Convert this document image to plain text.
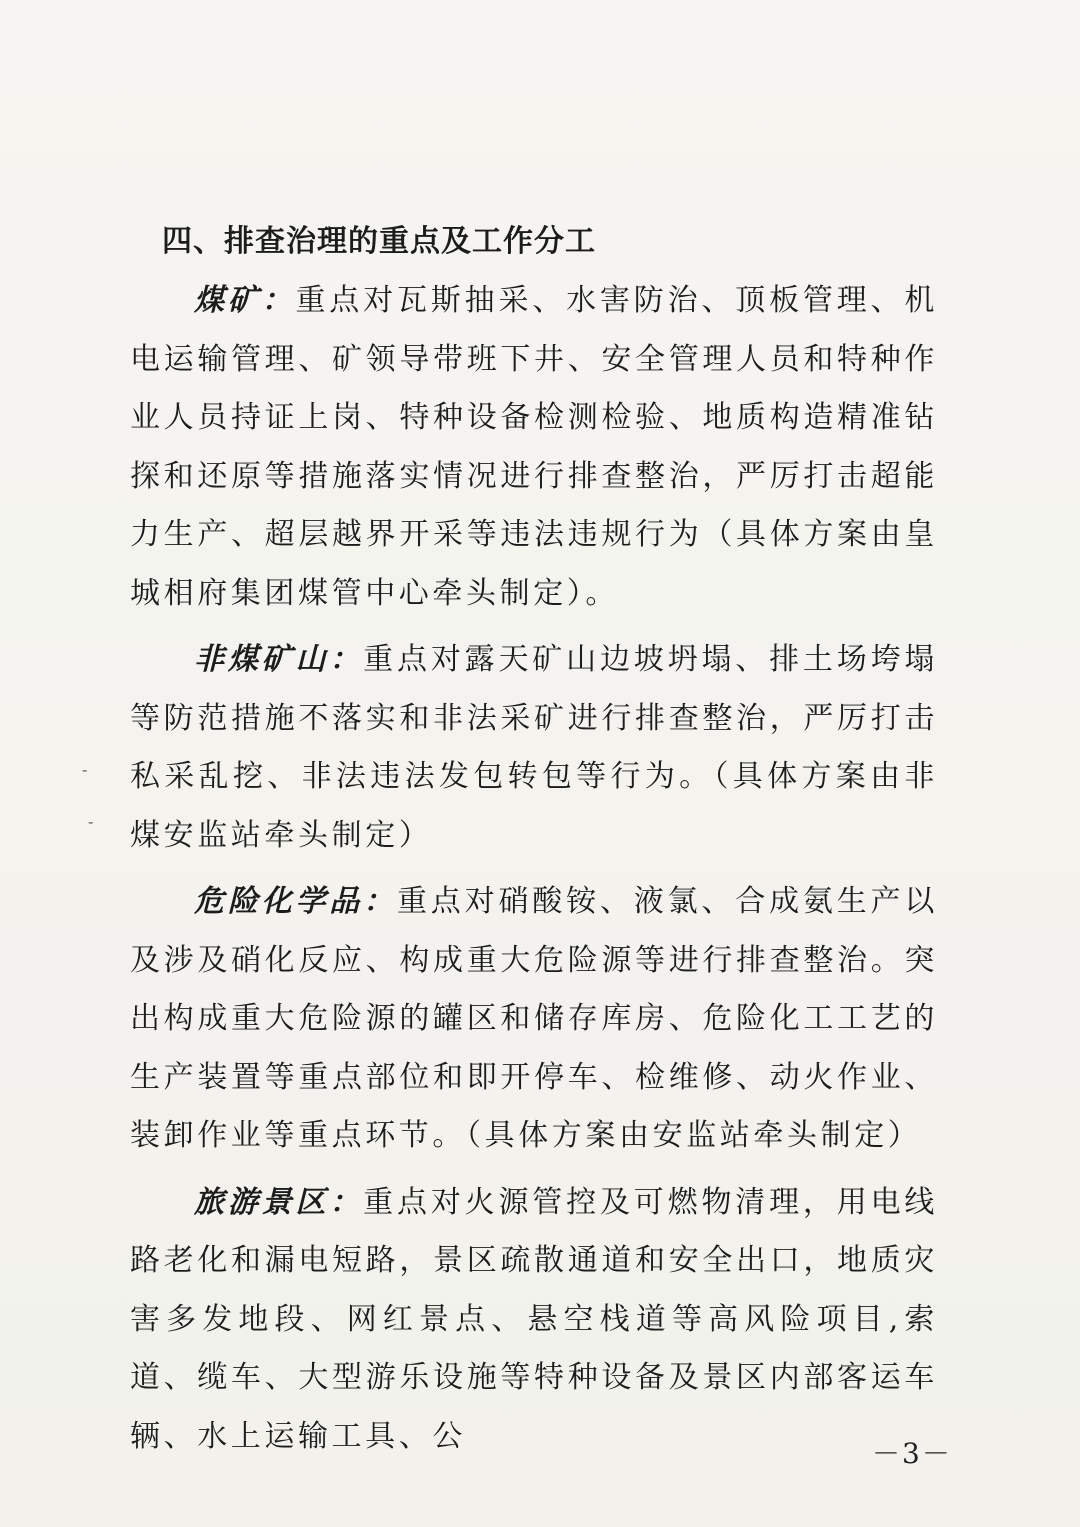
四、排查治理的重点及工作分工

煤矿：重点对瓦斯抽采、水害防治、顶板管理、机电运输管理、矿领导带班下井、安全管理人员和特种作业人员持证上岗、特种设备检测检验、地质构造精准钻探和还原等措施落实情况进行排查整治，严厉打击超能力生产、超层越界开采等违法违规行为（具体方案由皇城相府集团煤管中心牵头制定）。

非煤矿山：重点对露天矿山边坡坍塌、排土场垮塌等防范措施不落实和非法采矿进行排查整治，严厉打击私采乱挖、非法违法发包转包等行为。（具体方案由非煤安监站牵头制定）

危险化学品：重点对硝酸铵、液氯、合成氨生产以及涉及硝化反应、构成重大危险源等进行排查整治。突出构成重大危险源的罐区和储存库房、危险化工工艺的生产装置等重点部位和即开停车、检维修、动火作业、装卸作业等重点环节。（具体方案由安监站牵头制定）

旅游景区：重点对火源管控及可燃物清理，用电线路老化和漏电短路，景区疏散通道和安全出口，地质灾害多发地段、网红景点、悬空栈道等高风险项目,索道、缆车、大型游乐设施等特种设备及景区内部客运车辆、水上运输工具、公

-
-
－3－
